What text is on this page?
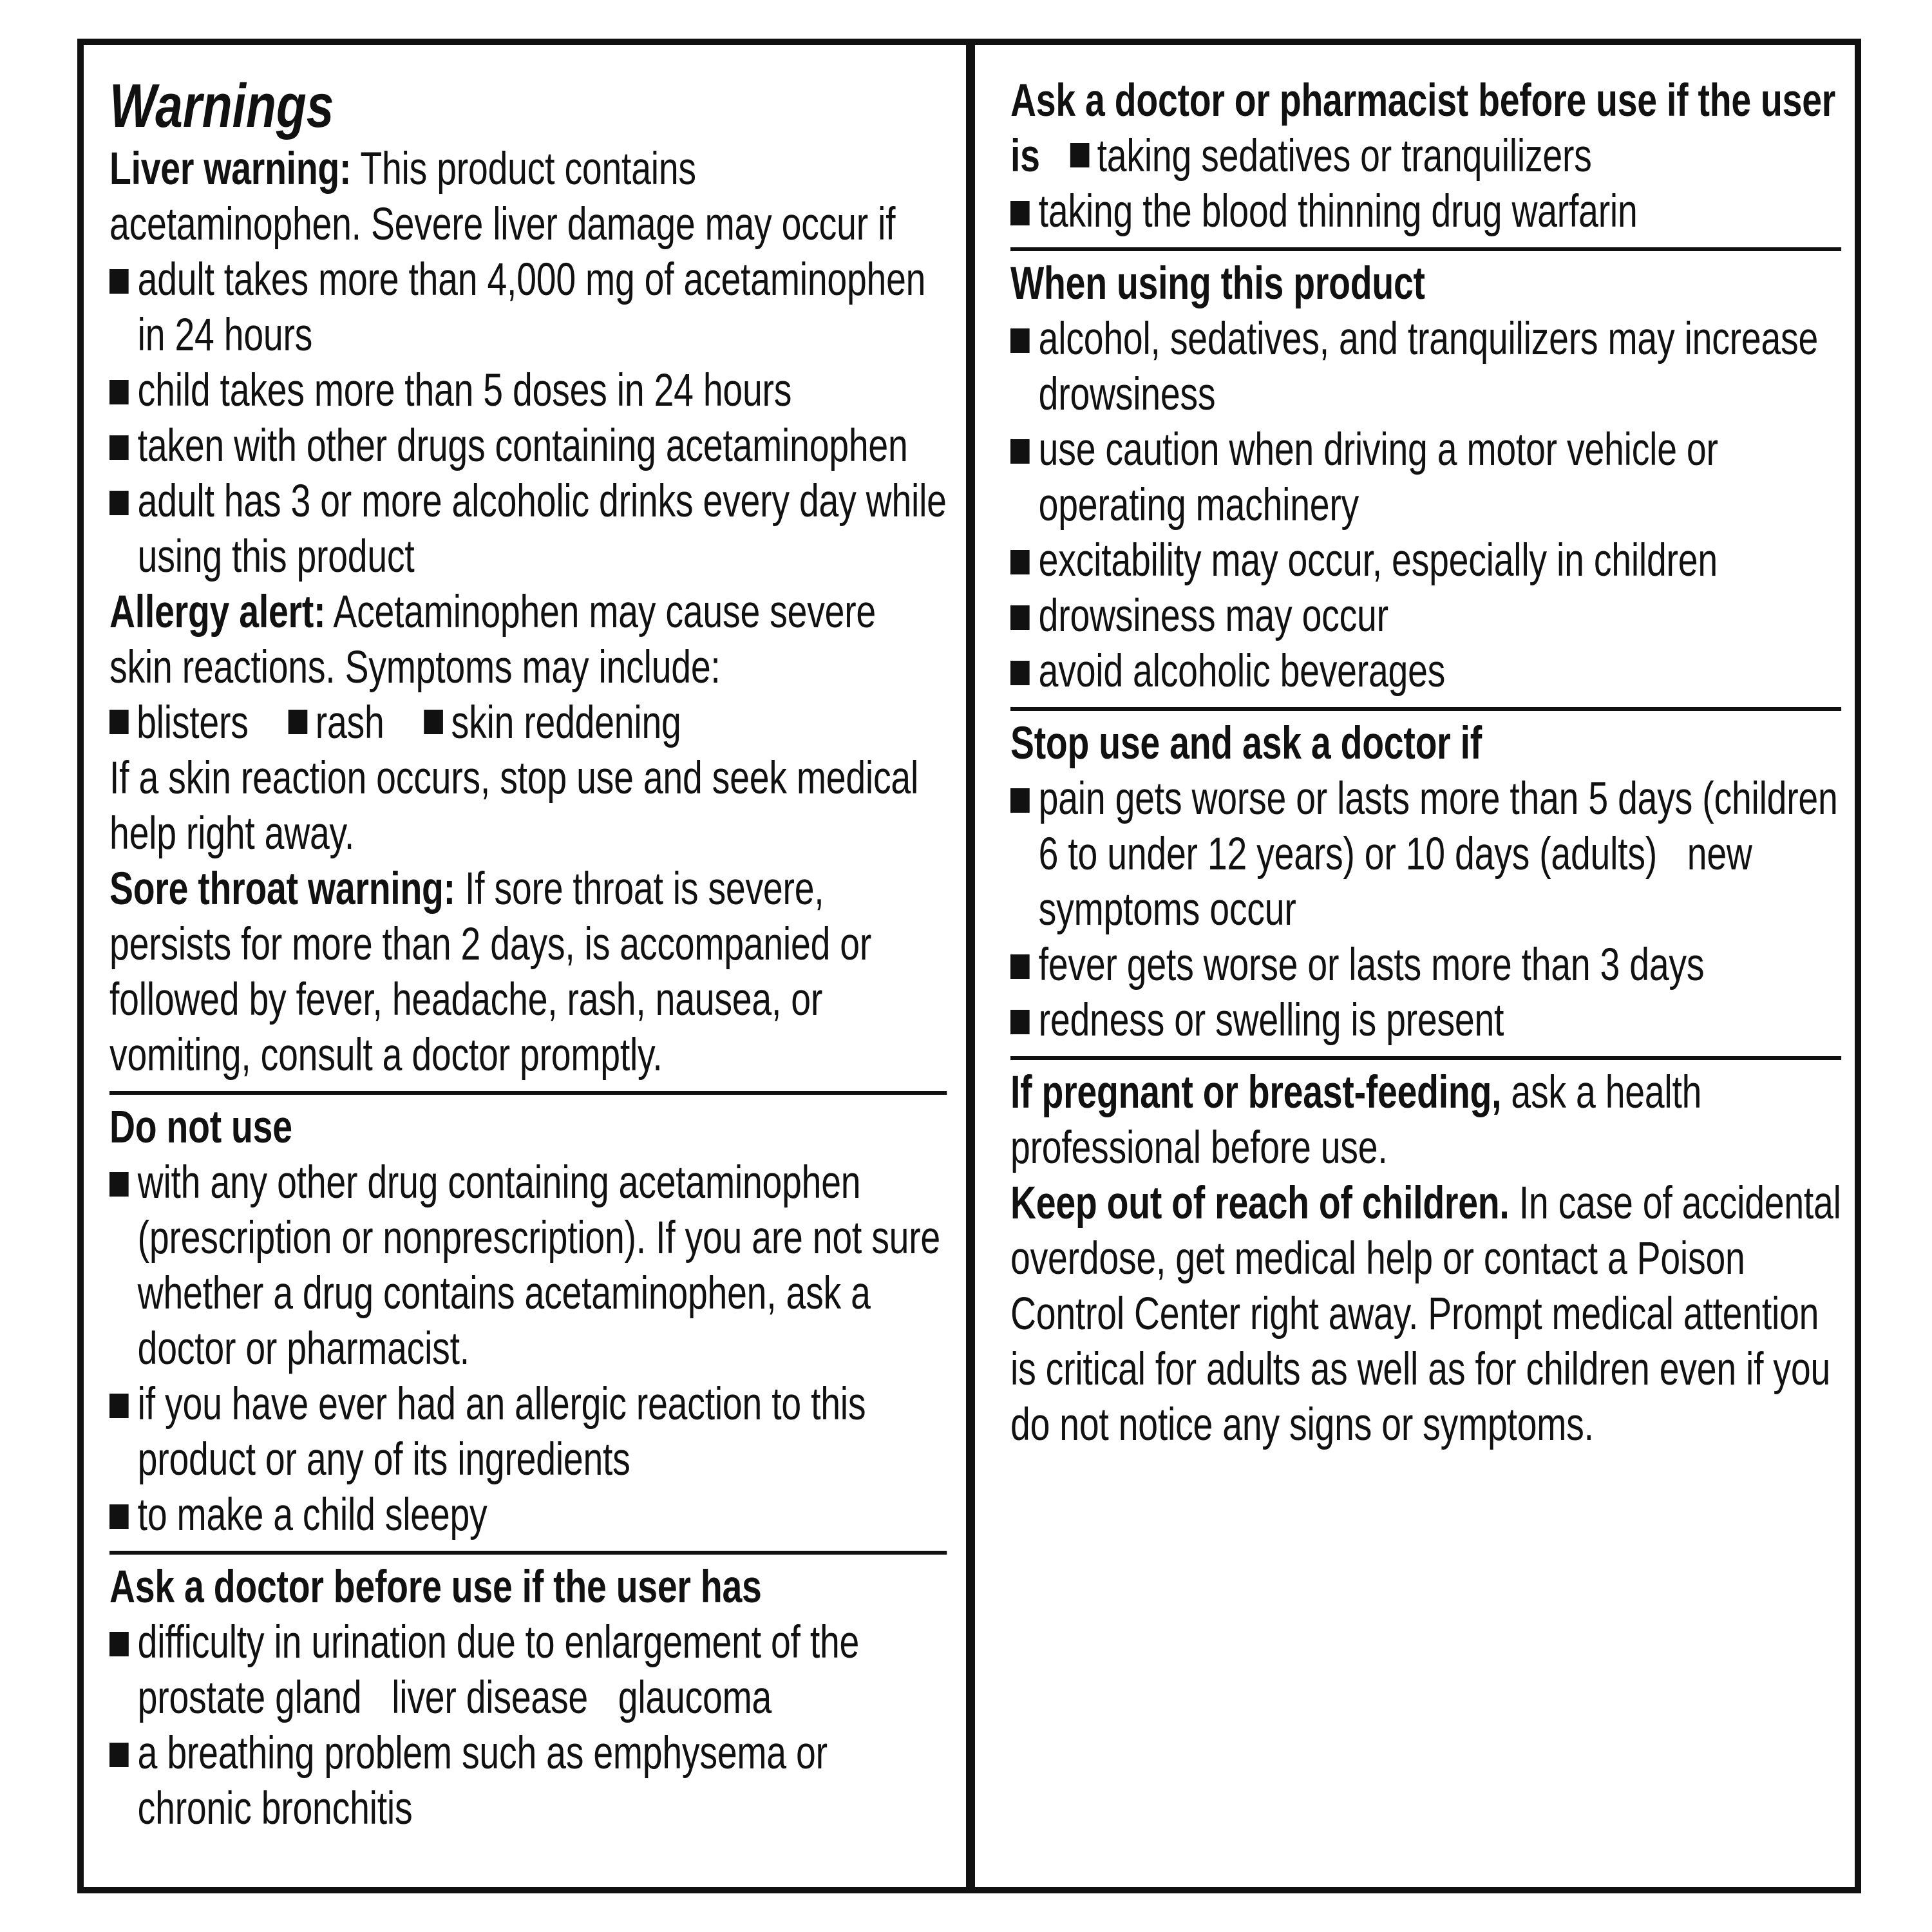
Warnings

Liver warning: This product contains acetaminophen. Severe liver damage may occur if

adult takes more than 4,000 mg of acetaminophen in 24 hours
child takes more than 5 doses in 24 hours
taken with other drugs containing acetaminophen
adult has 3 or more alcoholic drinks every day while using this product

Allergy alert: Acetaminophen may cause severe skin reactions. Symptoms may include:

blisters rash skin reddening

If a skin reaction occurs, stop use and seek medical help right away.

Sore throat warning: If sore throat is severe, persists for more than 2 days, is accompanied or followed by fever, headache, rash, nausea, or vomiting, consult a doctor promptly.

Do not use

with any other drug containing acetaminophen (prescription or nonprescription). If you are not sure whether a drug contains acetaminophen, ask a doctor or pharmacist.
if you have ever had an allergic reaction to this product or any of its ingredients
to make a child sleepy

Ask a doctor before use if the user has

difficulty in urination due to enlargement of the prostate gland liver disease glaucoma
a breathing problem such as emphysema or chronic bronchitis

Ask a doctor or pharmacist before use if the user is taking sedatives or tranquilizers

taking the blood thinning drug warfarin

When using this product

alcohol, sedatives, and tranquilizers may increase drowsiness
use caution when driving a motor vehicle or operating machinery
excitability may occur, especially in children
drowsiness may occur
avoid alcoholic beverages

Stop use and ask a doctor if

pain gets worse or lasts more than 5 days (children 6 to under 12 years) or 10 days (adults) new symptoms occur
fever gets worse or lasts more than 3 days
redness or swelling is present

If pregnant or breast-feeding, ask a health professional before use.

Keep out of reach of children. In case of accidental overdose, get medical help or contact a Poison Control Center right away. Prompt medical attention is critical for adults as well as for children even if you do not notice any signs or symptoms.
